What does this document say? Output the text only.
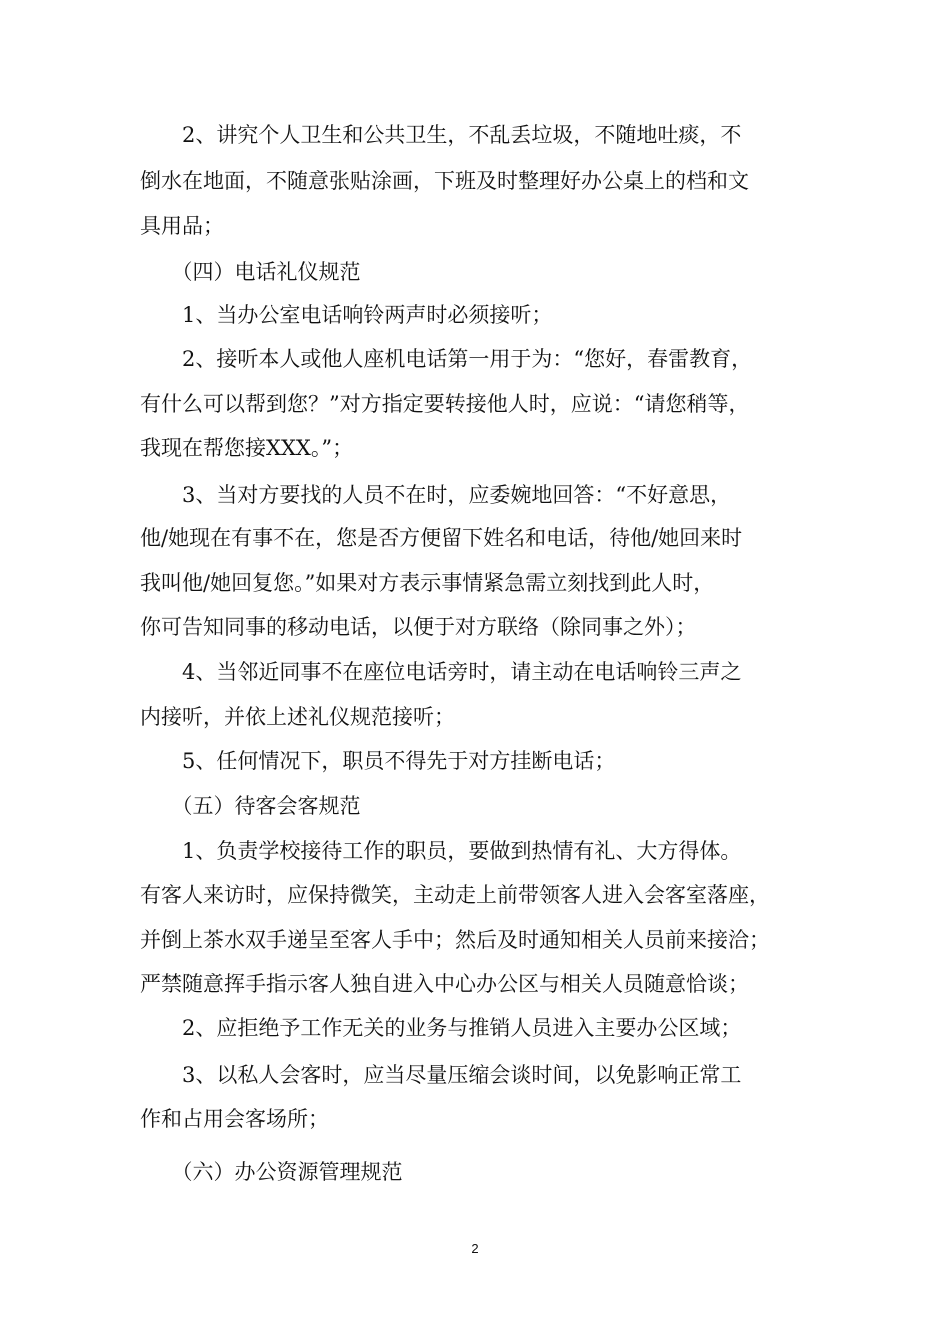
　　2、讲究个人卫生和公共卫生，不乱丢垃圾，不随地吐痰，不
倒水在地面，不随意张贴涂画，下班及时整理好办公桌上的档和文
具用品；
　　（四）电话礼仪规范
　　1、当办公室电话响铃两声时必须接听；
　　2、接听本人或他人座机电话第一用于为：“您好，春雷教育，
有什么可以帮到您？”对方指定要转接他人时，应说：“请您稍等，
我现在帮您接XXX。”；
　　3、当对方要找的人员不在时，应委婉地回答：“不好意思，
他/她现在有事不在，您是否方便留下姓名和电话，待他/她回来时
我叫他/她回复您。”如果对方表示事情紧急需立刻找到此人时，
你可告知同事的移动电话，以便于对方联络（除同事之外）；
　　4、当邻近同事不在座位电话旁时，请主动在电话响铃三声之
内接听，并依上述礼仪规范接听；
　　5、任何情况下，职员不得先于对方挂断电话；
　　（五）待客会客规范
　　1、负责学校接待工作的职员，要做到热情有礼、大方得体。
有客人来访时，应保持微笑，主动走上前带领客人进入会客室落座，
并倒上茶水双手递呈至客人手中；然后及时通知相关人员前来接洽；
严禁随意挥手指示客人独自进入中心办公区与相关人员随意恰谈；
　　2、应拒绝予工作无关的业务与推销人员进入主要办公区域；
　　3、以私人会客时，应当尽量压缩会谈时间，以免影响正常工
作和占用会客场所；
　　（六）办公资源管理规范
2
